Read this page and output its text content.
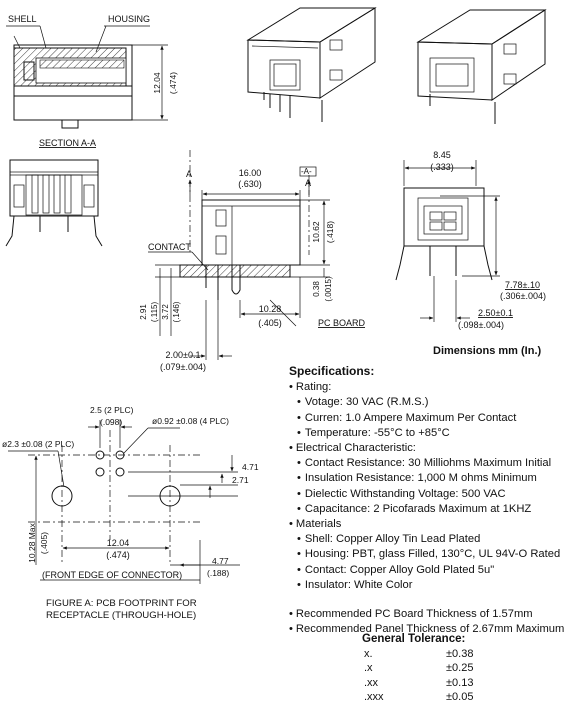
SHELL	HOUSING
SECTION A-A
12.04 (.474)
A
A
-A-
16.00
(.630)
10.62 (.418)
0.38 (.0015)
2.91 (.115) 3.72 (.146)	10.28
(.405)
2.00±0.1
(.079±.004)
CONTACT
PC BOARD
8.45
(.333)
7.78±.10
(.306±.004)
2.50±0.1
(.098±.004)
2.5 (2 PLC)
(.098)	ø0.92 ±0.08 (4 PLC)
ø2.3 ±0.08 (2 PLC)
4.71
2.71
10.28 Max (.405)	12.04
(.474)
4.77
(.188)
(FRONT EDGE OF CONNECTOR)
Dimensions mm (In.)
Specifications:
• Rating:
• Votage: 30 VAC (R.M.S.)
• Curren: 1.0 Ampere Maximum Per Contact
• Temperature: -55°C to +85°C
• Electrical Characteristic:
• Contact Resistance: 30 Milliohms Maximum Initial
• Insulation Resistance: 1,000 M ohms Minimum
• Dielectic Withstanding Voltage: 500 VAC
• Capacitance: 2 Picofarads Maximum at 1KHZ
• Materials
• Shell: Copper Alloy Tin Lead Plated
• Housing: PBT, glass Filled, 130°C, UL 94V-O Rated
• Contact: Copper Alloy Gold Plated 5u"
• Insulator: White Color
• Recommended PC Board Thickness of 1.57mm
• Recommended Panel Thickness of 2.67mm Maximum
FIGURE A: PCB FOOTPRINT FOR
RECEPTACLE (THROUGH-HOLE)
General Tolerance:
x.	±0.38
.x	±0.25
.xx	±0.13
.xxx	±0.05
